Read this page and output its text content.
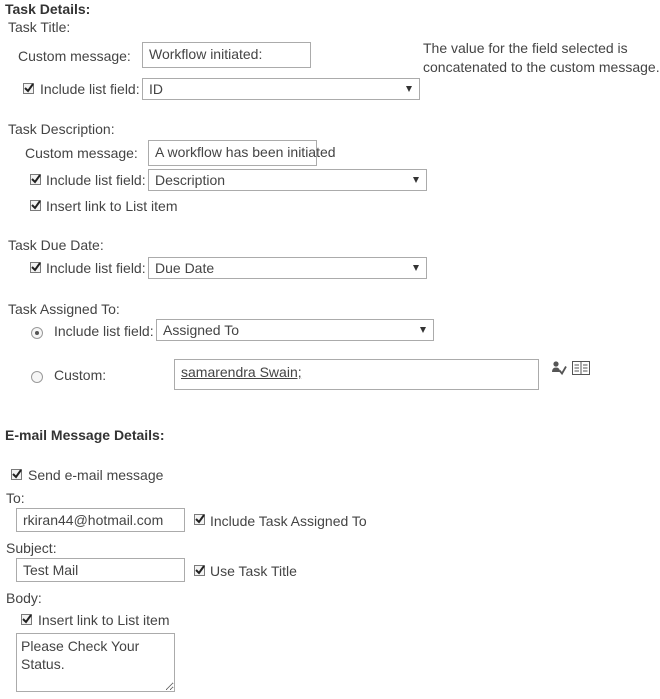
Task Details:
Task Title:
Custom message:	Workflow initiated:
Include list field: ID
The value for the field selected is
concatenated to the custom message.
Task Description:
Custom message:	A workflow has been initiated
Include list field: Description
Insert link to List item
Task Due Date:
Include list field: Due Date
Task Assigned To:
Include list field: Assigned To
Custom:	samarendra Swain;
E-mail Message Details:
Send e-mail message
To:
rkiran44@hotmail.com	Include Task Assigned To
Subject:
Test Mail	Use Task Title
Body:
Insert link to List item
Please Check Your Status.
